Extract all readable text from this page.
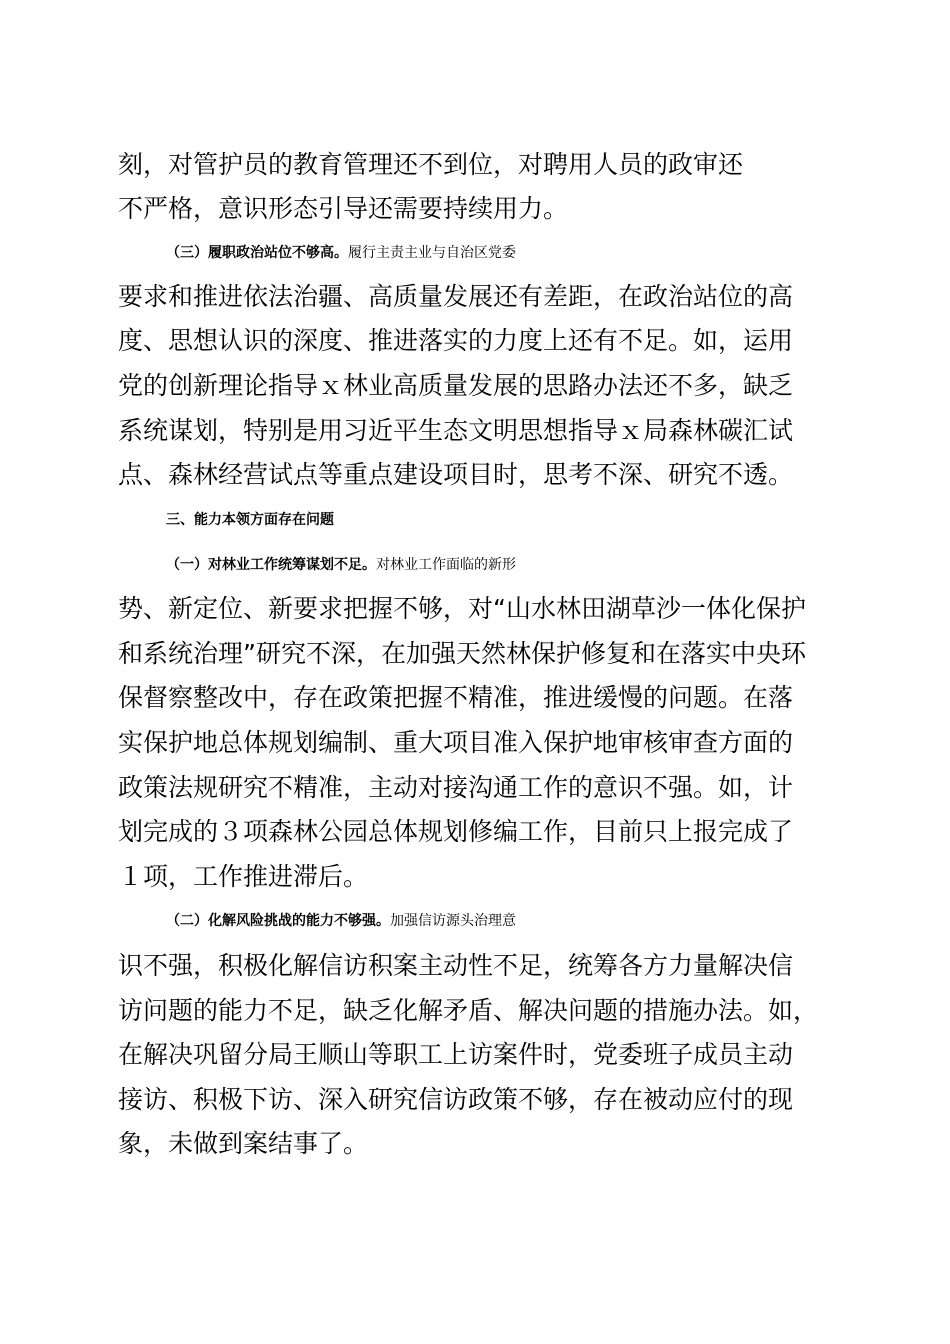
刻，对管护员的教育管理还不到位，对聘用人员的政审还
不严格，意识形态引导还需要持续用力。
（三）履职政治站位不够高。履行主责主业与自治区党委
要求和推进依法治疆、高质量发展还有差距，在政治站位的高
度、思想认识的深度、推进落实的力度上还有不足。如，运用
党的创新理论指导ｘ林业高质量发展的思路办法还不多，缺乏
系统谋划，特别是用习近平生态文明思想指导ｘ局森林碳汇试
点、森林经营试点等重点建设项目时，思考不深、研究不透。
三、能力本领方面存在问题
（一）对林业工作统筹谋划不足。对林业工作面临的新形
势、新定位、新要求把握不够，对“山水林田湖草沙一体化保护
和系统治理”研究不深，在加强天然林保护修复和在落实中央环
保督察整改中，存在政策把握不精准，推进缓慢的问题。在落
实保护地总体规划编制、重大项目准入保护地审核审查方面的
政策法规研究不精准，主动对接沟通工作的意识不强。如，计
划完成的３项森林公园总体规划修编工作，目前只上报完成了
１项，工作推进滞后。
（二）化解风险挑战的能力不够强。加强信访源头治理意
识不强，积极化解信访积案主动性不足，统筹各方力量解决信
访问题的能力不足，缺乏化解矛盾、解决问题的措施办法。如，
在解决巩留分局王顺山等职工上访案件时，党委班子成员主动
接访、积极下访、深入研究信访政策不够，存在被动应付的现
象，未做到案结事了。
